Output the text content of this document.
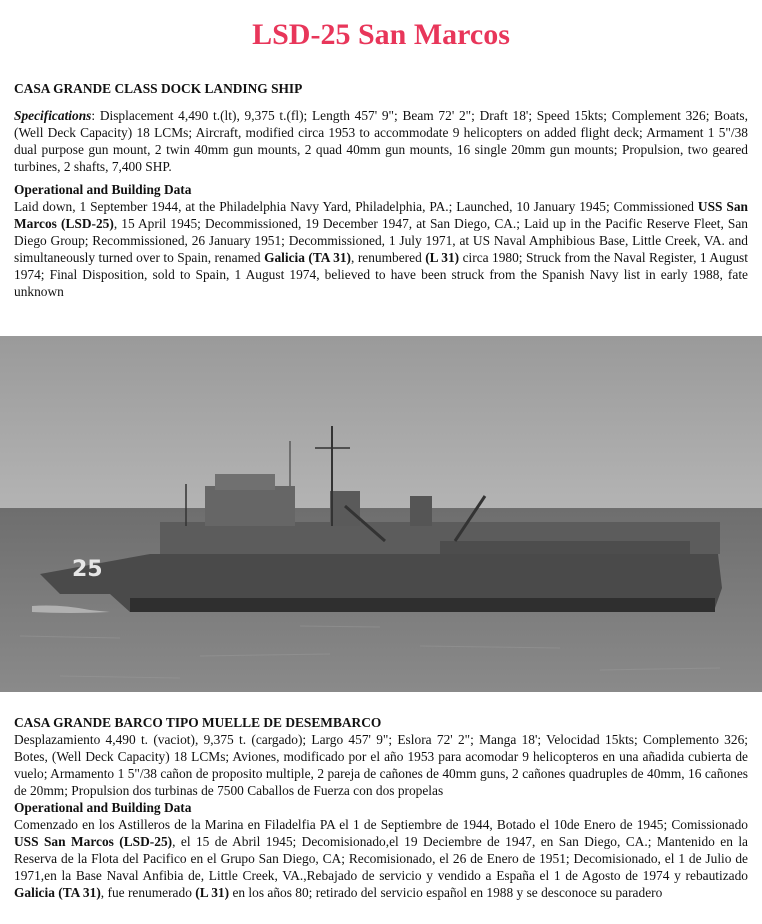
LSD-25 San Marcos
CASA GRANDE CLASS DOCK LANDING SHIP

Specifications: Displacement 4,490 t.(lt), 9,375 t.(fl); Length 457' 9"; Beam 72' 2"; Draft 18'; Speed 15kts; Complement 326; Boats, (Well Deck Capacity) 18 LCMs; Aircraft, modified circa 1953 to accommodate 9 helicopters on added flight deck; Armament 1 5"/38 dual purpose gun mount, 2 twin 40mm gun mounts, 2 quad 40mm gun mounts, 16 single 20mm gun mounts; Propulsion, two geared turbines, 2 shafts, 7,400 SHP.

Operational and Building Data

Laid down, 1 September 1944, at the Philadelphia Navy Yard, Philadelphia, PA.; Launched, 10 January 1945; Commissioned USS San Marcos (LSD-25), 15 April 1945; Decommissioned, 19 December 1947, at San Diego, CA.; Laid up in the Pacific Reserve Fleet, San Diego Group; Recommissioned, 26 January 1951; Decommissioned, 1 July 1971, at US Naval Amphibious Base, Little Creek, VA. and simultaneously turned over to Spain, renamed Galicia (TA 31), renumbered (L 31) circa 1980; Struck from the Naval Register, 1 August 1974; Final Disposition, sold to Spain, 1 August 1974, believed to have been struck from the Spanish Navy list in early 1988, fate unknown

25
CASA GRANDE BARCO TIPO MUELLE DE DESEMBARCO

Desplazamiento 4,490 t. (vaciot), 9,375 t. (cargado); Largo 457' 9"; Eslora 72' 2"; Manga 18'; Velocidad 15kts; Complemento 326; Botes, (Well Deck Capacity) 18 LCMs; Aviones, modificado por el año 1953 para acomodar 9 helicopteros en una añadida cubierta de vuelo; Armamento 1 5"/38 cañon de proposito multiple, 2 pareja de cañones de 40mm guns, 2 cañones quadruples de 40mm, 16 cañones de 20mm; Propulsion dos turbinas de 7500 Caballos de Fuerza con dos propelas

Operational and Building Data

Comenzado en los Astilleros de la Marina en Filadelfia PA el 1 de Septiembre de 1944, Botado el 10de Enero de 1945; Comissionado USS San Marcos (LSD-25), el 15 de Abril 1945; Decomisionado,el 19 Deciembre de 1947, en San Diego, CA.; Mantenido en la Reserva de la Flota del Pacifico en el Grupo San Diego, CA; Recomisionado, el 26 de Enero de 1951; Decomisionado, el 1 de Julio de 1971,en la Base Naval Anfibia de, Little Creek, VA.,Rebajado de servicio y vendido a España el 1 de Agosto de 1974 y rebautizado Galicia (TA 31), fue renumerado (L 31) en los años 80; retirado del servicio español en 1988 y se desconoce su paradero
